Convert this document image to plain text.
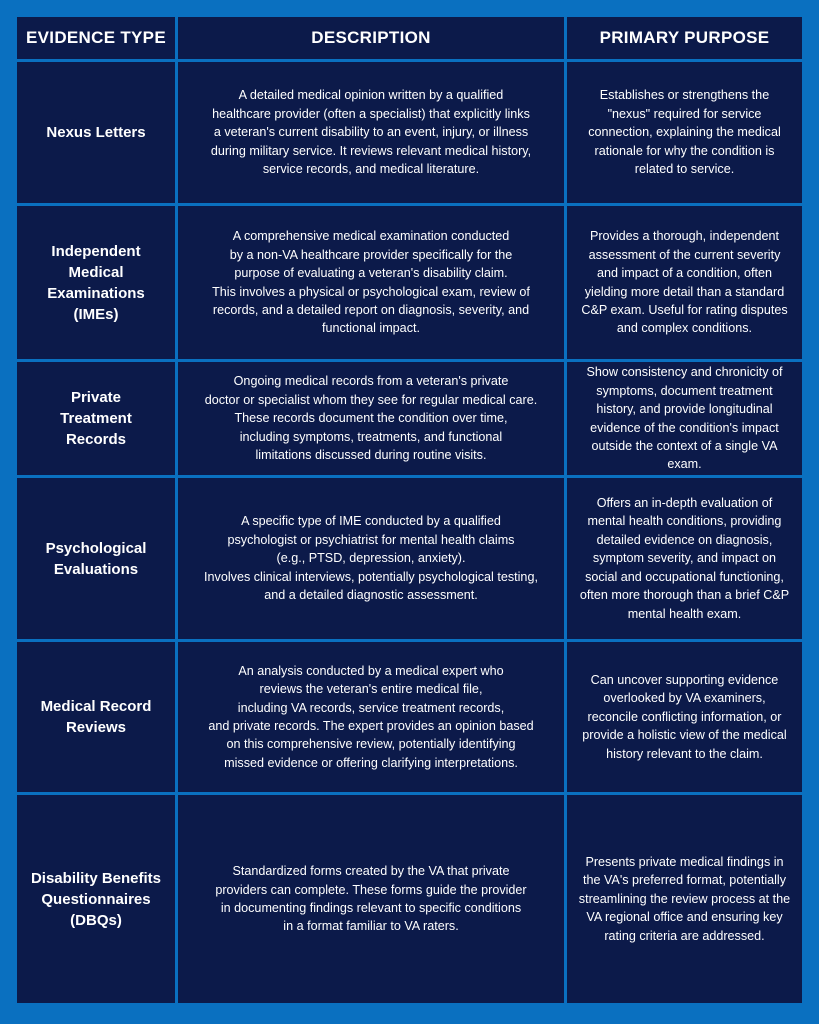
EVIDENCE TYPE	DESCRIPTION	PRIMARY PURPOSE
Nexus Letters
A detailed medical opinion written by a qualified
healthcare provider (often a specialist) that explicitly links
a veteran's current disability to an event, injury, or illness
during military service. It reviews relevant medical history,
service records, and medical literature.
Establishes or strengthens the
"nexus" required for service
connection, explaining the medical
rationale for why the condition is
related to service.
Independent
Medical
Examinations
(IMEs)
A comprehensive medical examination conducted
by a non-VA healthcare provider specifically for the
purpose of evaluating a veteran's disability claim.
This involves a physical or psychological exam, review of
records, and a detailed report on diagnosis, severity, and
functional impact.
Provides a thorough, independent
assessment of the current severity
and impact of a condition, often
yielding more detail than a standard
C&P exam. Useful for rating disputes
and complex conditions.
Private
Treatment
Records
Ongoing medical records from a veteran's private
doctor or specialist whom they see for regular medical care.
These records document the condition over time,
including symptoms, treatments, and functional
limitations discussed during routine visits.
Show consistency and chronicity of
symptoms, document treatment
history, and provide longitudinal
evidence of the condition's impact
outside the context of a single VA
exam.
Psychological
Evaluations
A specific type of IME conducted by a qualified
psychologist or psychiatrist for mental health claims
(e.g., PTSD, depression, anxiety).
Involves clinical interviews, potentially psychological testing,
and a detailed diagnostic assessment.
Offers an in-depth evaluation of
mental health conditions, providing
detailed evidence on diagnosis,
symptom severity, and impact on
social and occupational functioning,
often more thorough than a brief C&P
mental health exam.
Medical Record
Reviews
An analysis conducted by a medical expert who
reviews the veteran's entire medical file,
including VA records, service treatment records,
and private records. The expert provides an opinion based
on this comprehensive review, potentially identifying
missed evidence or offering clarifying interpretations.
Can uncover supporting evidence
overlooked by VA examiners,
reconcile conflicting information, or
provide a holistic view of the medical
history relevant to the claim.
Disability Benefits
Questionnaires
(DBQs)
Standardized forms created by the VA that private
providers can complete. These forms guide the provider
in documenting findings relevant to specific conditions
in a format familiar to VA raters.
Presents private medical findings in
the VA's preferred format, potentially
streamlining the review process at the
VA regional office and ensuring key
rating criteria are addressed.
